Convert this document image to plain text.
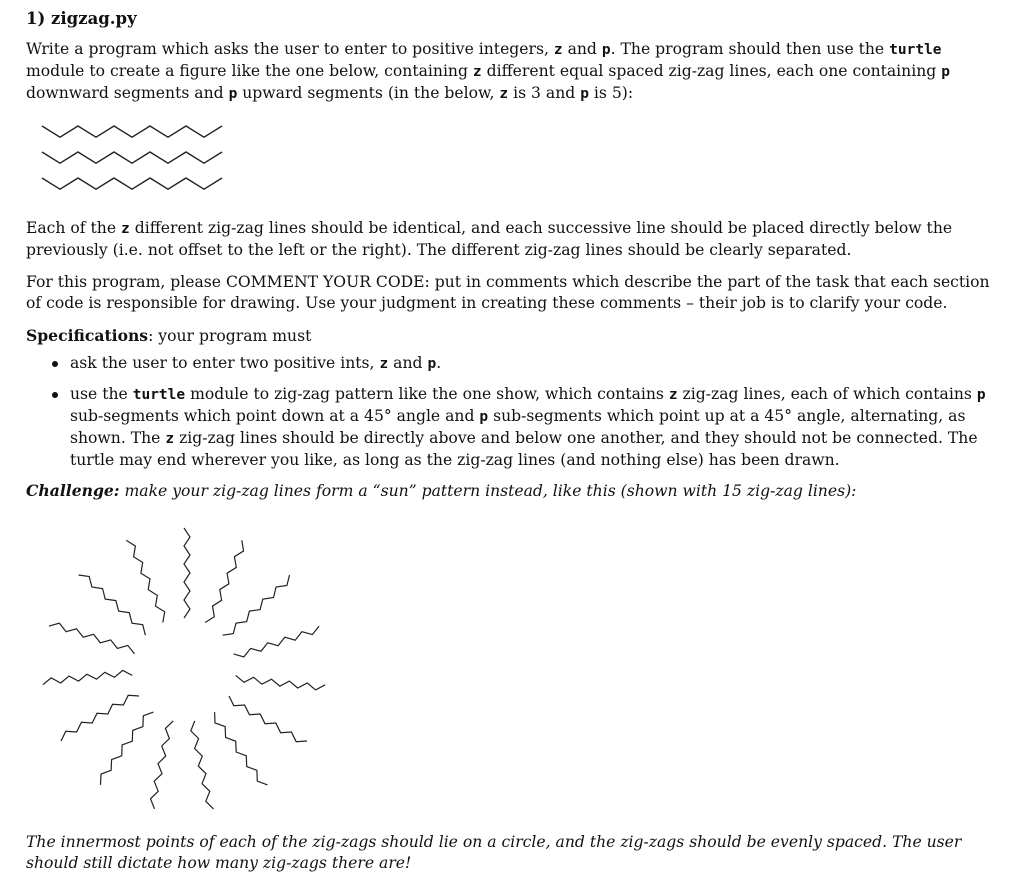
1) zigzag.py

Write a program which asks the user to enter to positive integers, z and p. The program should then use the turtle module to create a figure like the one below, containing z different equal spaced zig-zag lines, each one containing p downward segments and p upward segments (in the below, z is 3 and p is 5):

Each of the z different zig-zag lines should be identical, and each successive line should be placed directly below the previously (i.e. not offset to the left or the right). The different zig-zag lines should be clearly separated.

For this program, please COMMENT YOUR CODE: put in comments which describe the part of the task that each section of code is responsible for drawing. Use your judgment in creating these comments – their job is to clarify your code.

Specifications: your program must

ask the user to enter two positive ints, z and p.
use the turtle module to zig-zag pattern like the one show, which contains z zig-zag lines, each of which contains p sub-segments which point down at a 45° angle and p sub-segments which point up at a 45° angle, alternating, as shown. The z zig-zag lines should be directly above and below one another, and they should not be connected. The turtle may end wherever you like, as long as the zig-zag lines (and nothing else) has been drawn.

Challenge: make your zig-zag lines form a “sun” pattern instead, like this (shown with 15 zig-zag lines):

The innermost points of each of the zig-zags should lie on a circle, and the zig-zags should be evenly spaced. The user should still dictate how many zig-zags there are!
